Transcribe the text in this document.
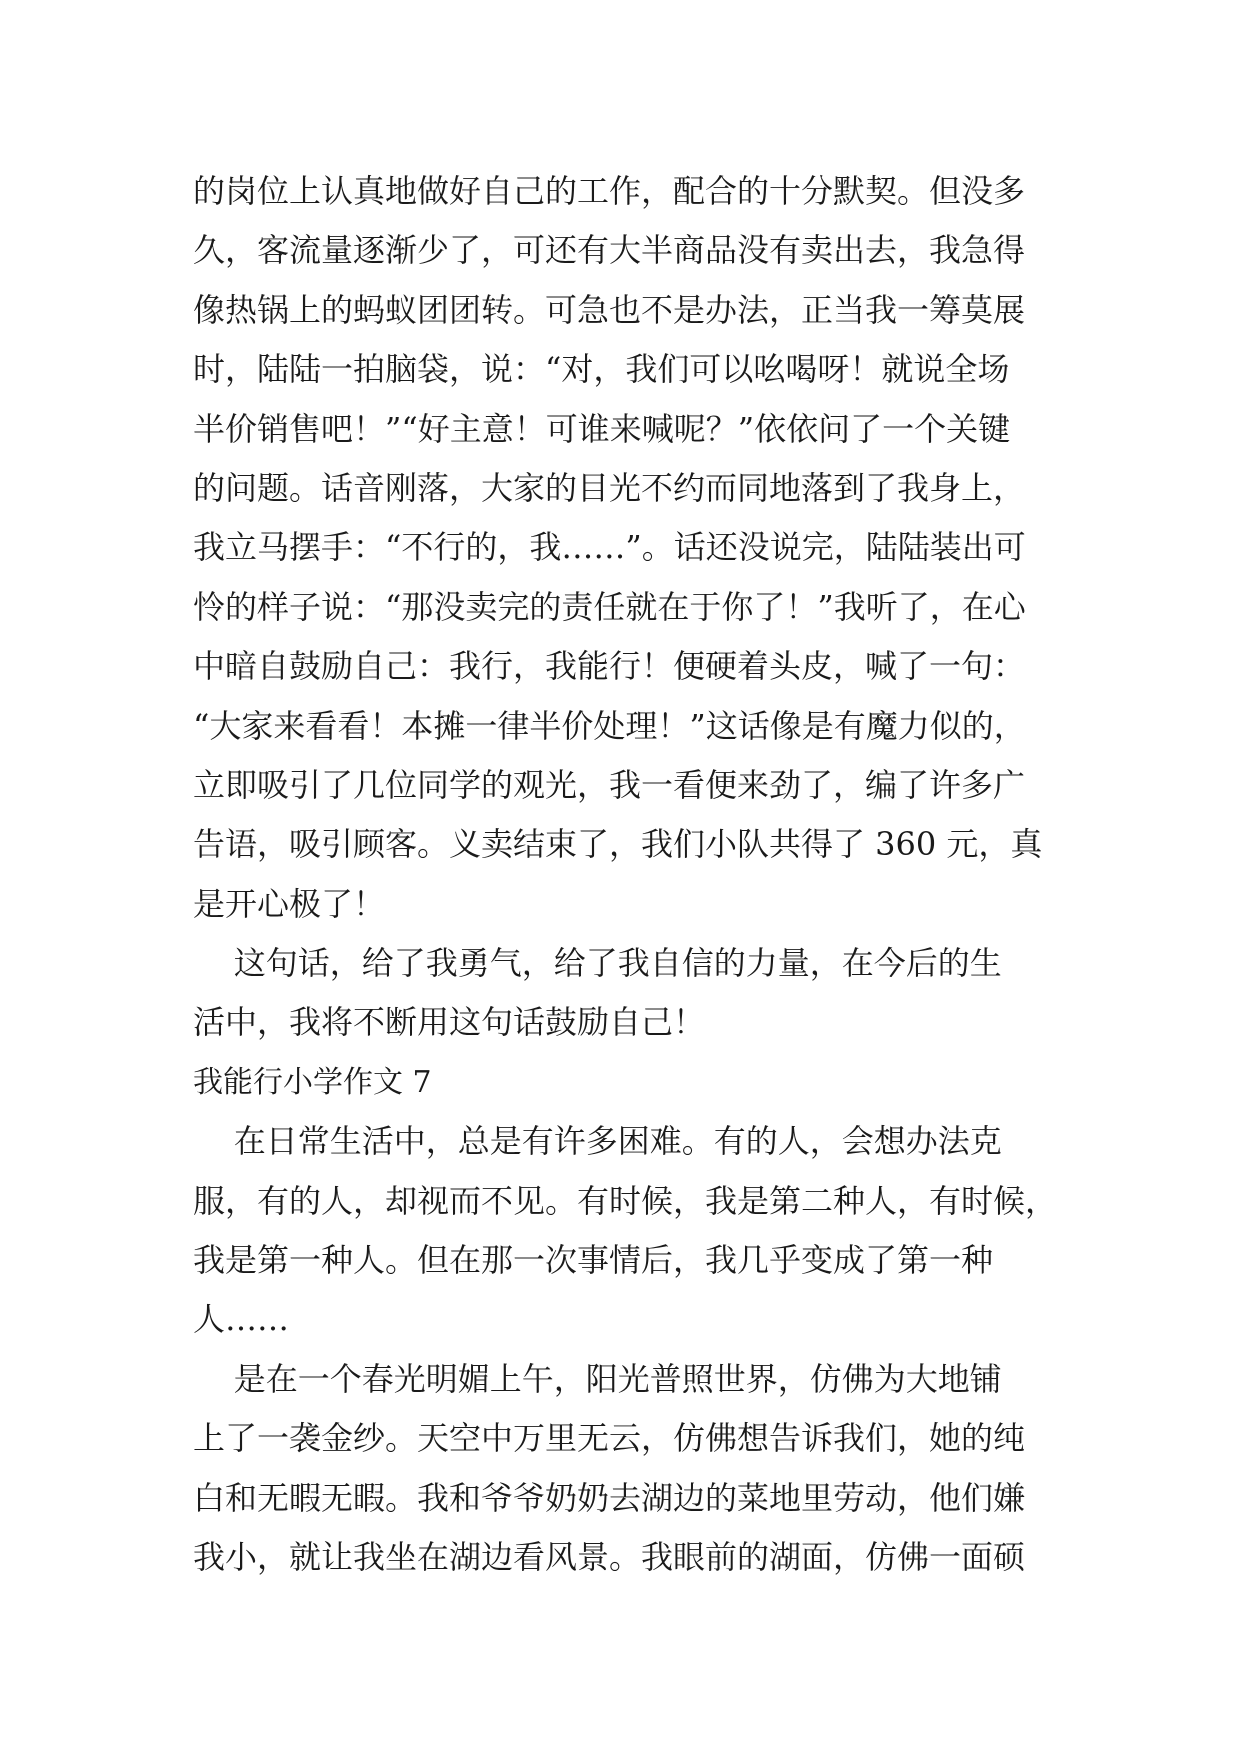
的岗位上认真地做好自己的工作，配合的十分默契。但没多
久，客流量逐渐少了，可还有大半商品没有卖出去，我急得
像热锅上的蚂蚁团团转。可急也不是办法，正当我一筹莫展
时，陆陆一拍脑袋，说：“对，我们可以吆喝呀！就说全场
半价销售吧！”“好主意！可谁来喊呢？”依依问了一个关键
的问题。话音刚落，大家的目光不约而同地落到了我身上，
我立马摆手：“不行的，我……”。话还没说完，陆陆装出可
怜的样子说：“那没卖完的责任就在于你了！”我听了，在心
中暗自鼓励自己：我行，我能行！便硬着头皮，喊了一句：
“大家来看看！本摊一律半价处理！”这话像是有魔力似的，
立即吸引了几位同学的观光，我一看便来劲了，编了许多广
告语，吸引顾客。义卖结束了，我们小队共得了 360 元，真
是开心极了！
这句话，给了我勇气，给了我自信的力量，在今后的生
活中，我将不断用这句话鼓励自己！
我能行小学作文 7
在日常生活中，总是有许多困难。有的人，会想办法克
服，有的人，却视而不见。有时候，我是第二种人，有时候，
我是第一种人。但在那一次事情后，我几乎变成了第一种
人……
是在一个春光明媚上午，阳光普照世界，仿佛为大地铺
上了一袭金纱。天空中万里无云，仿佛想告诉我们，她的纯
白和无暇无暇。我和爷爷奶奶去湖边的菜地里劳动，他们嫌
我小，就让我坐在湖边看风景。我眼前的湖面，仿佛一面硕
